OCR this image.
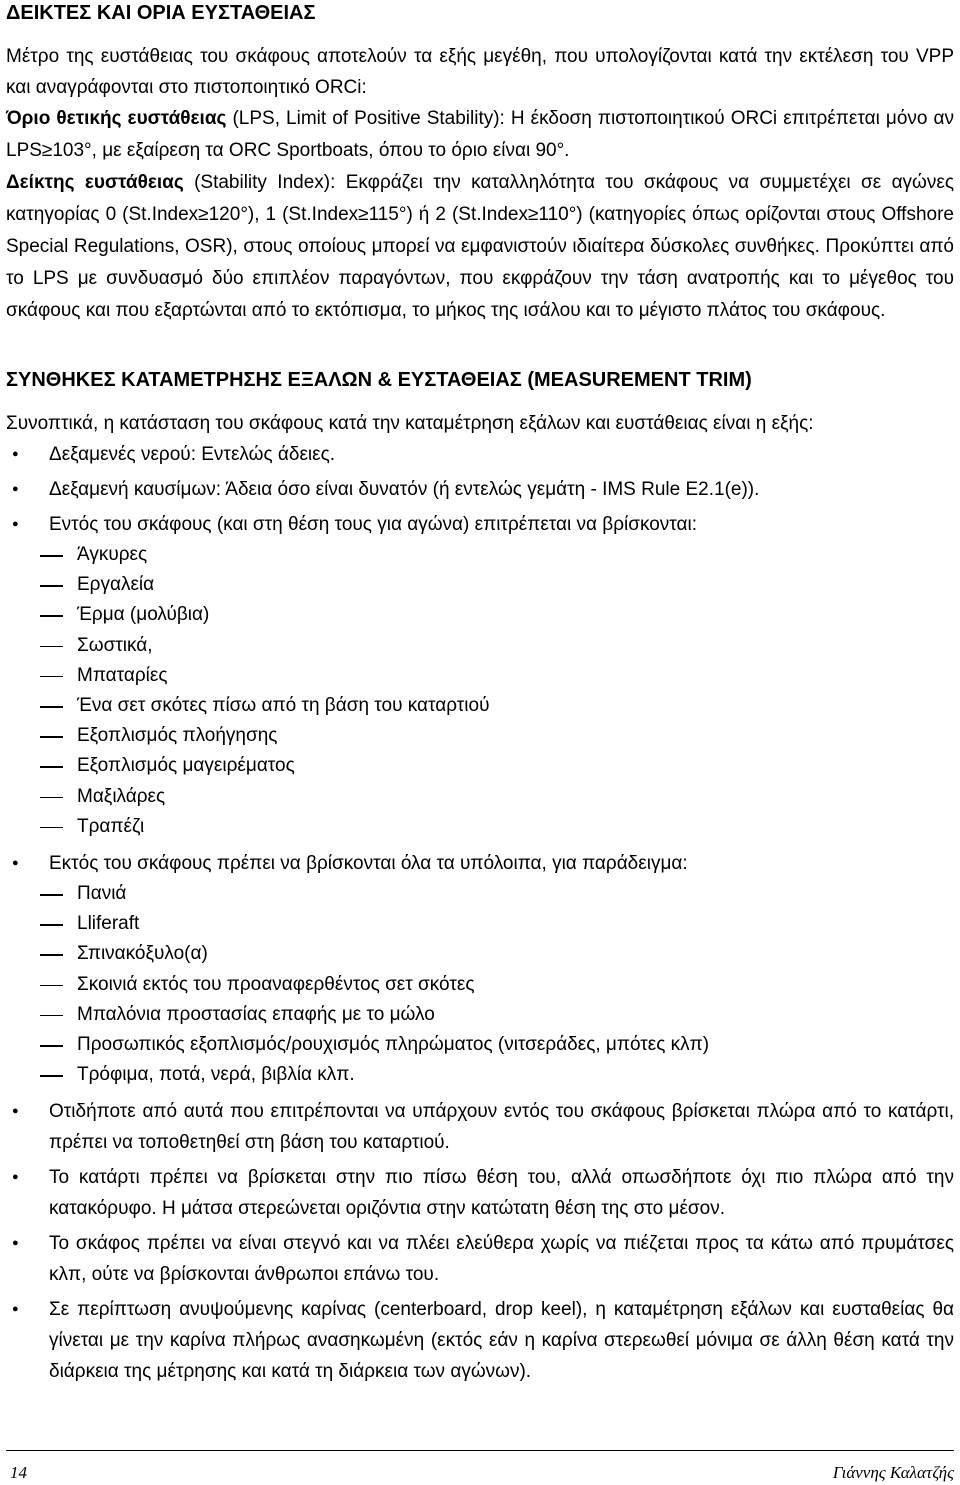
ΔΕΙΚΤΕΣ ΚΑΙ ΟΡΙΑ ΕΥΣΤΑΘΕΙΑΣ

Μέτρο της ευστάθειας του σκάφους αποτελούν τα εξής μεγέθη, που υπολογίζονται κατά την εκτέλεση του VPP και αναγράφονται στο πιστοποιητικό ORCi:

Όριο θετικής ευστάθειας (LPS, Limit of Positive Stability): Η έκδοση πιστοποιητικού ORCi επιτρέπεται μόνο αν LPS≥103°, με εξαίρεση τα ORC Sportboats, όπου το όριο είναι 90°.

Δείκτης ευστάθειας (Stability Index): Εκφράζει την καταλληλότητα του σκάφους να συμμετέχει σε αγώνες κατηγορίας 0 (St.Index≥120°), 1 (St.Index≥115°) ή 2 (St.Index≥110°) (κατηγορίες όπως ορίζονται στους Offshore Special Regulations, OSR), στους οποίους μπορεί να εμφανιστούν ιδιαίτερα δύσκολες συνθήκες. Προκύπτει από το LPS με συνδυασμό δύο επιπλέον παραγόντων, που εκφράζουν την τάση ανατροπής και το μέγεθος του σκάφους και που εξαρτώνται από το εκτόπισμα, το μήκος της ισάλου και το μέγιστο πλάτος του σκάφους.

ΣΥΝΘΗΚΕΣ ΚΑΤΑΜΕΤΡΗΣΗΣ ΕΞΑΛΩΝ & ΕΥΣΤΑΘΕΙΑΣ (MEASUREMENT TRIM)

Συνοπτικά, η κατάσταση του σκάφους κατά την καταμέτρηση εξάλων και ευστάθειας είναι η εξής:

● Δεξαμενές νερού: Εντελώς άδειες.
● Δεξαμενή καυσίμων: Άδεια όσο είναι δυνατόν (ή εντελώς γεμάτη - IMS Rule E2.1(e)).
● Εντός του σκάφους (και στη θέση τους για αγώνα) επιτρέπεται να βρίσκονται:
Άγκυρες
Εργαλεία
Έρμα (μολύβια)
Σωστικά,
Μπαταρίες
Ένα σετ σκότες πίσω από τη βάση του καταρτιού
Εξοπλισμός πλοήγησης
Εξοπλισμός μαγειρέματος
Μαξιλάρες
Τραπέζι
● Εκτός του σκάφους πρέπει να βρίσκονται όλα τα υπόλοιπα, για παράδειγμα:
Πανιά
Lliferaft
Σπινακόξυλο(α)
Σκοινιά εκτός του προαναφερθέντος σετ σκότες
Μπαλόνια προστασίας επαφής με το μώλο
Προσωπικός εξοπλισμός/ρουχισμός πληρώματος (νιτσεράδες, μπότες κλπ)
Τρόφιμα, ποτά, νερά, βιβλία κλπ.
● Οτιδήποτε από αυτά που επιτρέπονται να υπάρχουν εντός του σκάφους βρίσκεται πλώρα από το κατάρτι, πρέπει να τοποθετηθεί στη βάση του καταρτιού.
● Το κατάρτι πρέπει να βρίσκεται στην πιο πίσω θέση του, αλλά οπωσδήποτε όχι πιο πλώρα από την κατακόρυφο. Η μάτσα στερεώνεται οριζόντια στην κατώτατη θέση της στο μέσον.
● Το σκάφος πρέπει να είναι στεγνό και να πλέει ελεύθερα χωρίς να πιέζεται προς τα κάτω από πρυμάτσες κλπ, ούτε να βρίσκονται άνθρωποι επάνω του.
● Σε περίπτωση ανυψούμενης καρίνας (centerboard, drop keel), η καταμέτρηση εξάλων και ευσταθείας θα γίνεται με την καρίνα πλήρως ανασηκωμένη (εκτός εάν η καρίνα στερεωθεί μόνιμα σε άλλη θέση κατά την διάρκεια της μέτρησης και κατά τη διάρκεια των αγώνων).
14	Γιάννης Καλατζής
